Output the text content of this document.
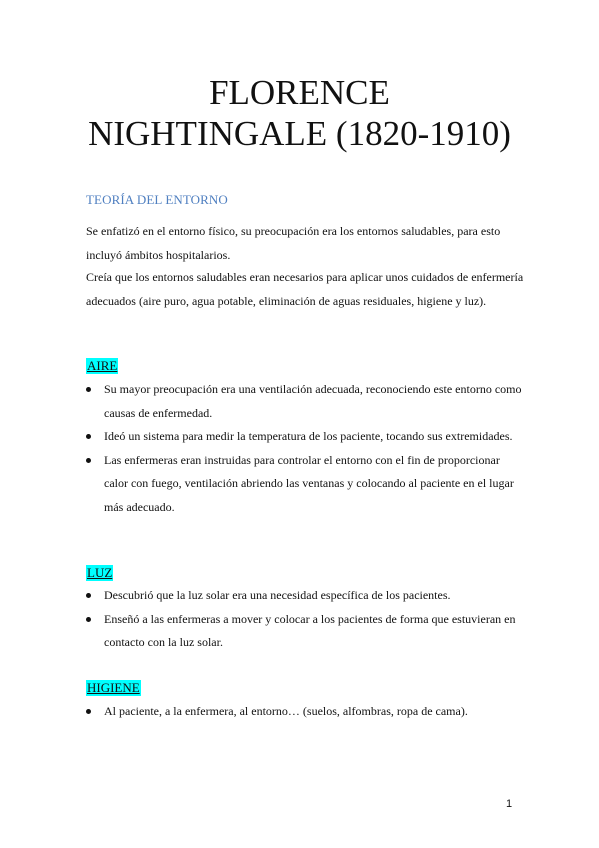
FLORENCE
NIGHTINGALE (1820-1910)
TEORÍA DEL ENTORNO
Se enfatizó en el entorno físico, su preocupación era los entornos saludables, para esto incluyó ámbitos hospitalarios.
Creía que los entornos saludables eran necesarios para aplicar unos cuidados de enfermería adecuados (aire puro, agua potable, eliminación de aguas residuales, higiene y luz).
AIRE
Su mayor preocupación era una ventilación adecuada, reconociendo este entorno como causas de enfermedad.
Ideó un sistema para medir la temperatura de los paciente, tocando sus extremidades.
Las enfermeras eran instruidas para controlar el entorno con el fin de proporcionar calor con fuego, ventilación abriendo las ventanas y colocando al paciente en el lugar más adecuado.
LUZ
Descubrió que la luz solar era una necesidad específica de los pacientes.
Enseñó a las enfermeras a mover y colocar a los pacientes de forma que estuvieran en contacto con la luz solar.
HIGIENE
Al paciente, a la enfermera, al entorno… (suelos, alfombras, ropa de cama).
1
